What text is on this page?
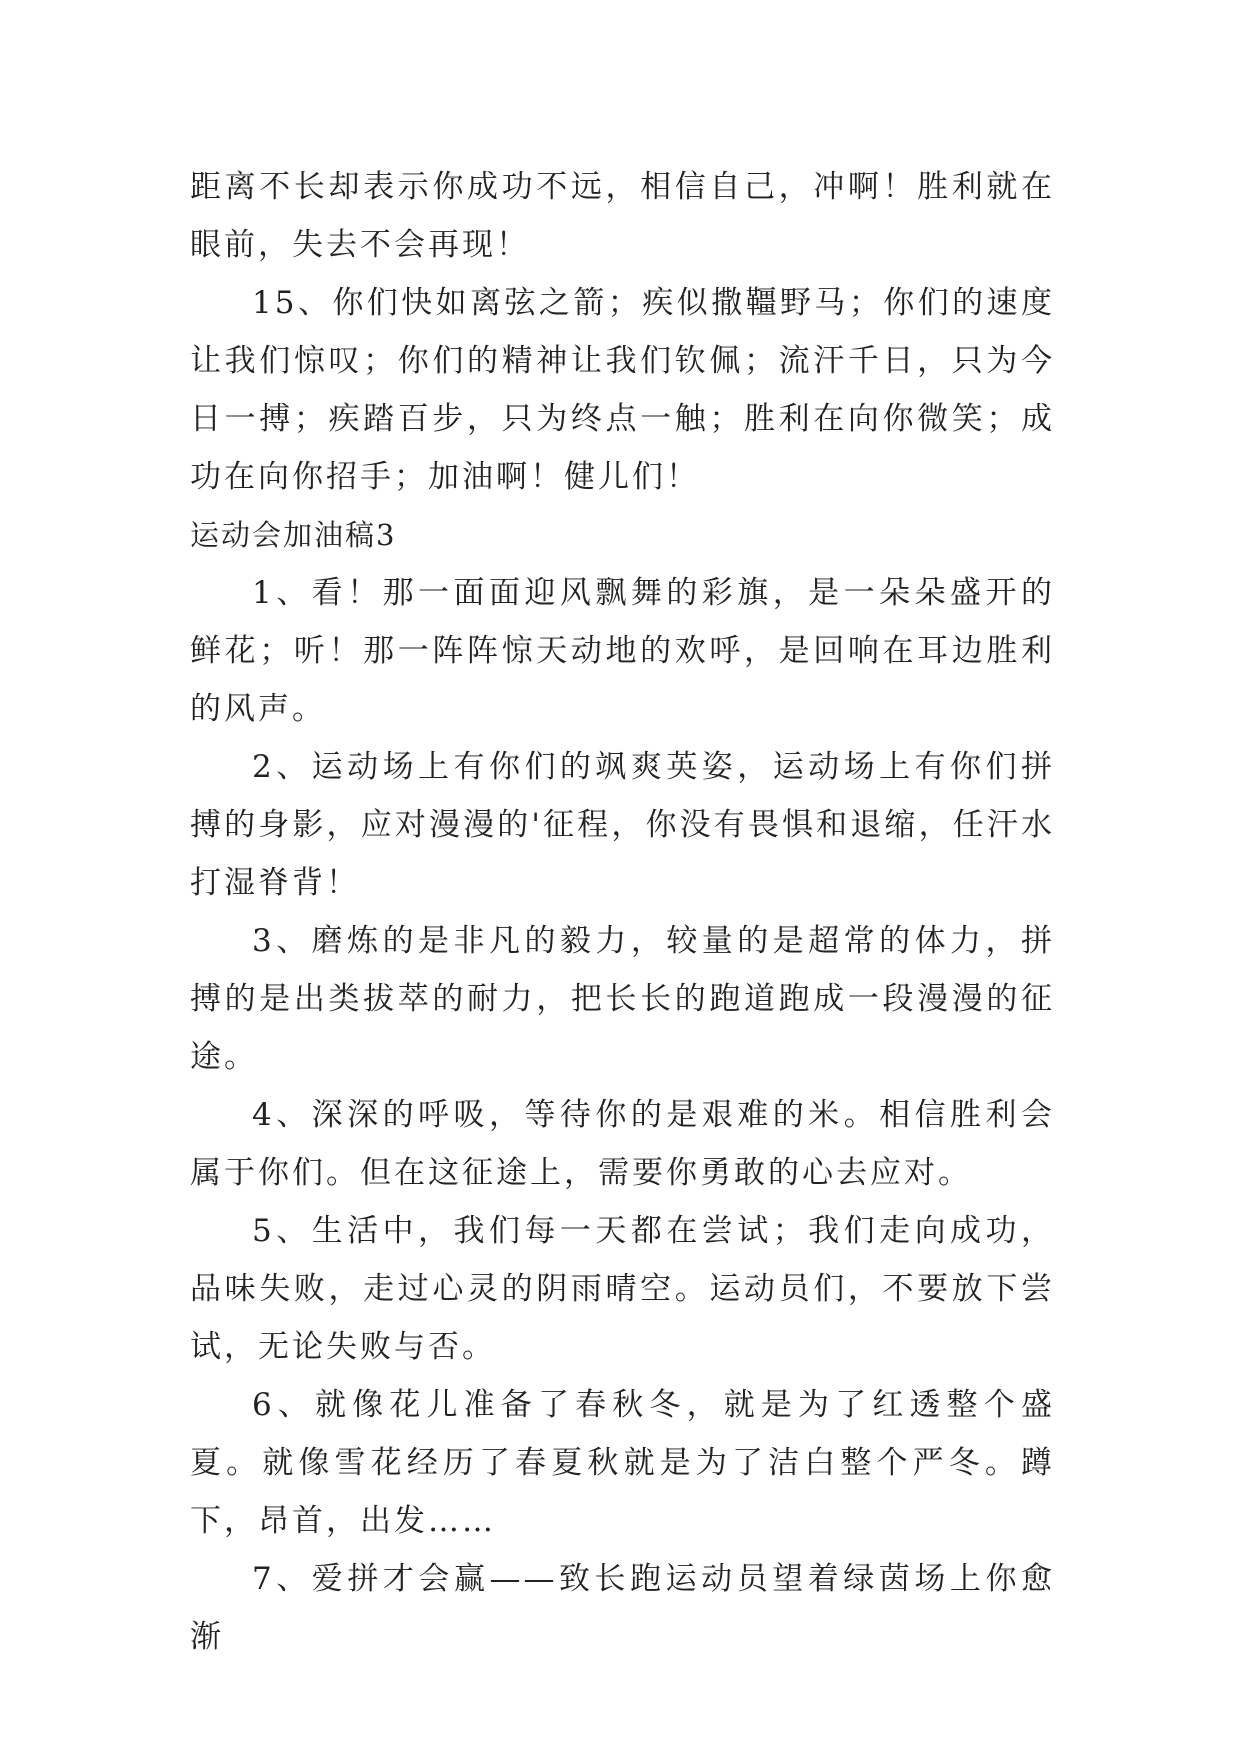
距离不长却表示你成功不远，相信自己，冲啊！胜利就在眼前，失去不会再现！

15、你们快如离弦之箭；疾似撒韁野马；你们的速度让我们惊叹；你们的精神让我们钦佩；流汗千日，只为今日一搏；疾踏百步，只为终点一触；胜利在向你微笑；成功在向你招手；加油啊！健儿们！

运动会加油稿3

1、看！那一面面迎风飘舞的彩旗，是一朵朵盛开的鲜花；听！那一阵阵惊天动地的欢呼，是回响在耳边胜利的风声。

2、运动场上有你们的飒爽英姿，运动场上有你们拼搏的身影，应对漫漫的'征程，你没有畏惧和退缩，任汗水打湿脊背！

3、磨炼的是非凡的毅力，较量的是超常的体力，拼搏的是出类拔萃的耐力，把长长的跑道跑成一段漫漫的征途。

4、深深的呼吸，等待你的是艰难的米。相信胜利会属于你们。但在这征途上，需要你勇敢的心去应对。

5、生活中，我们每一天都在尝试；我们走向成功，品味失败，走过心灵的阴雨晴空。运动员们，不要放下尝试，无论失败与否。

6、就像花儿准备了春秋冬，就是为了红透整个盛夏。就像雪花经历了春夏秋就是为了洁白整个严冬。蹲下，昂首，出发……

7、爱拼才会赢——致长跑运动员望着绿茵场上你愈渐
